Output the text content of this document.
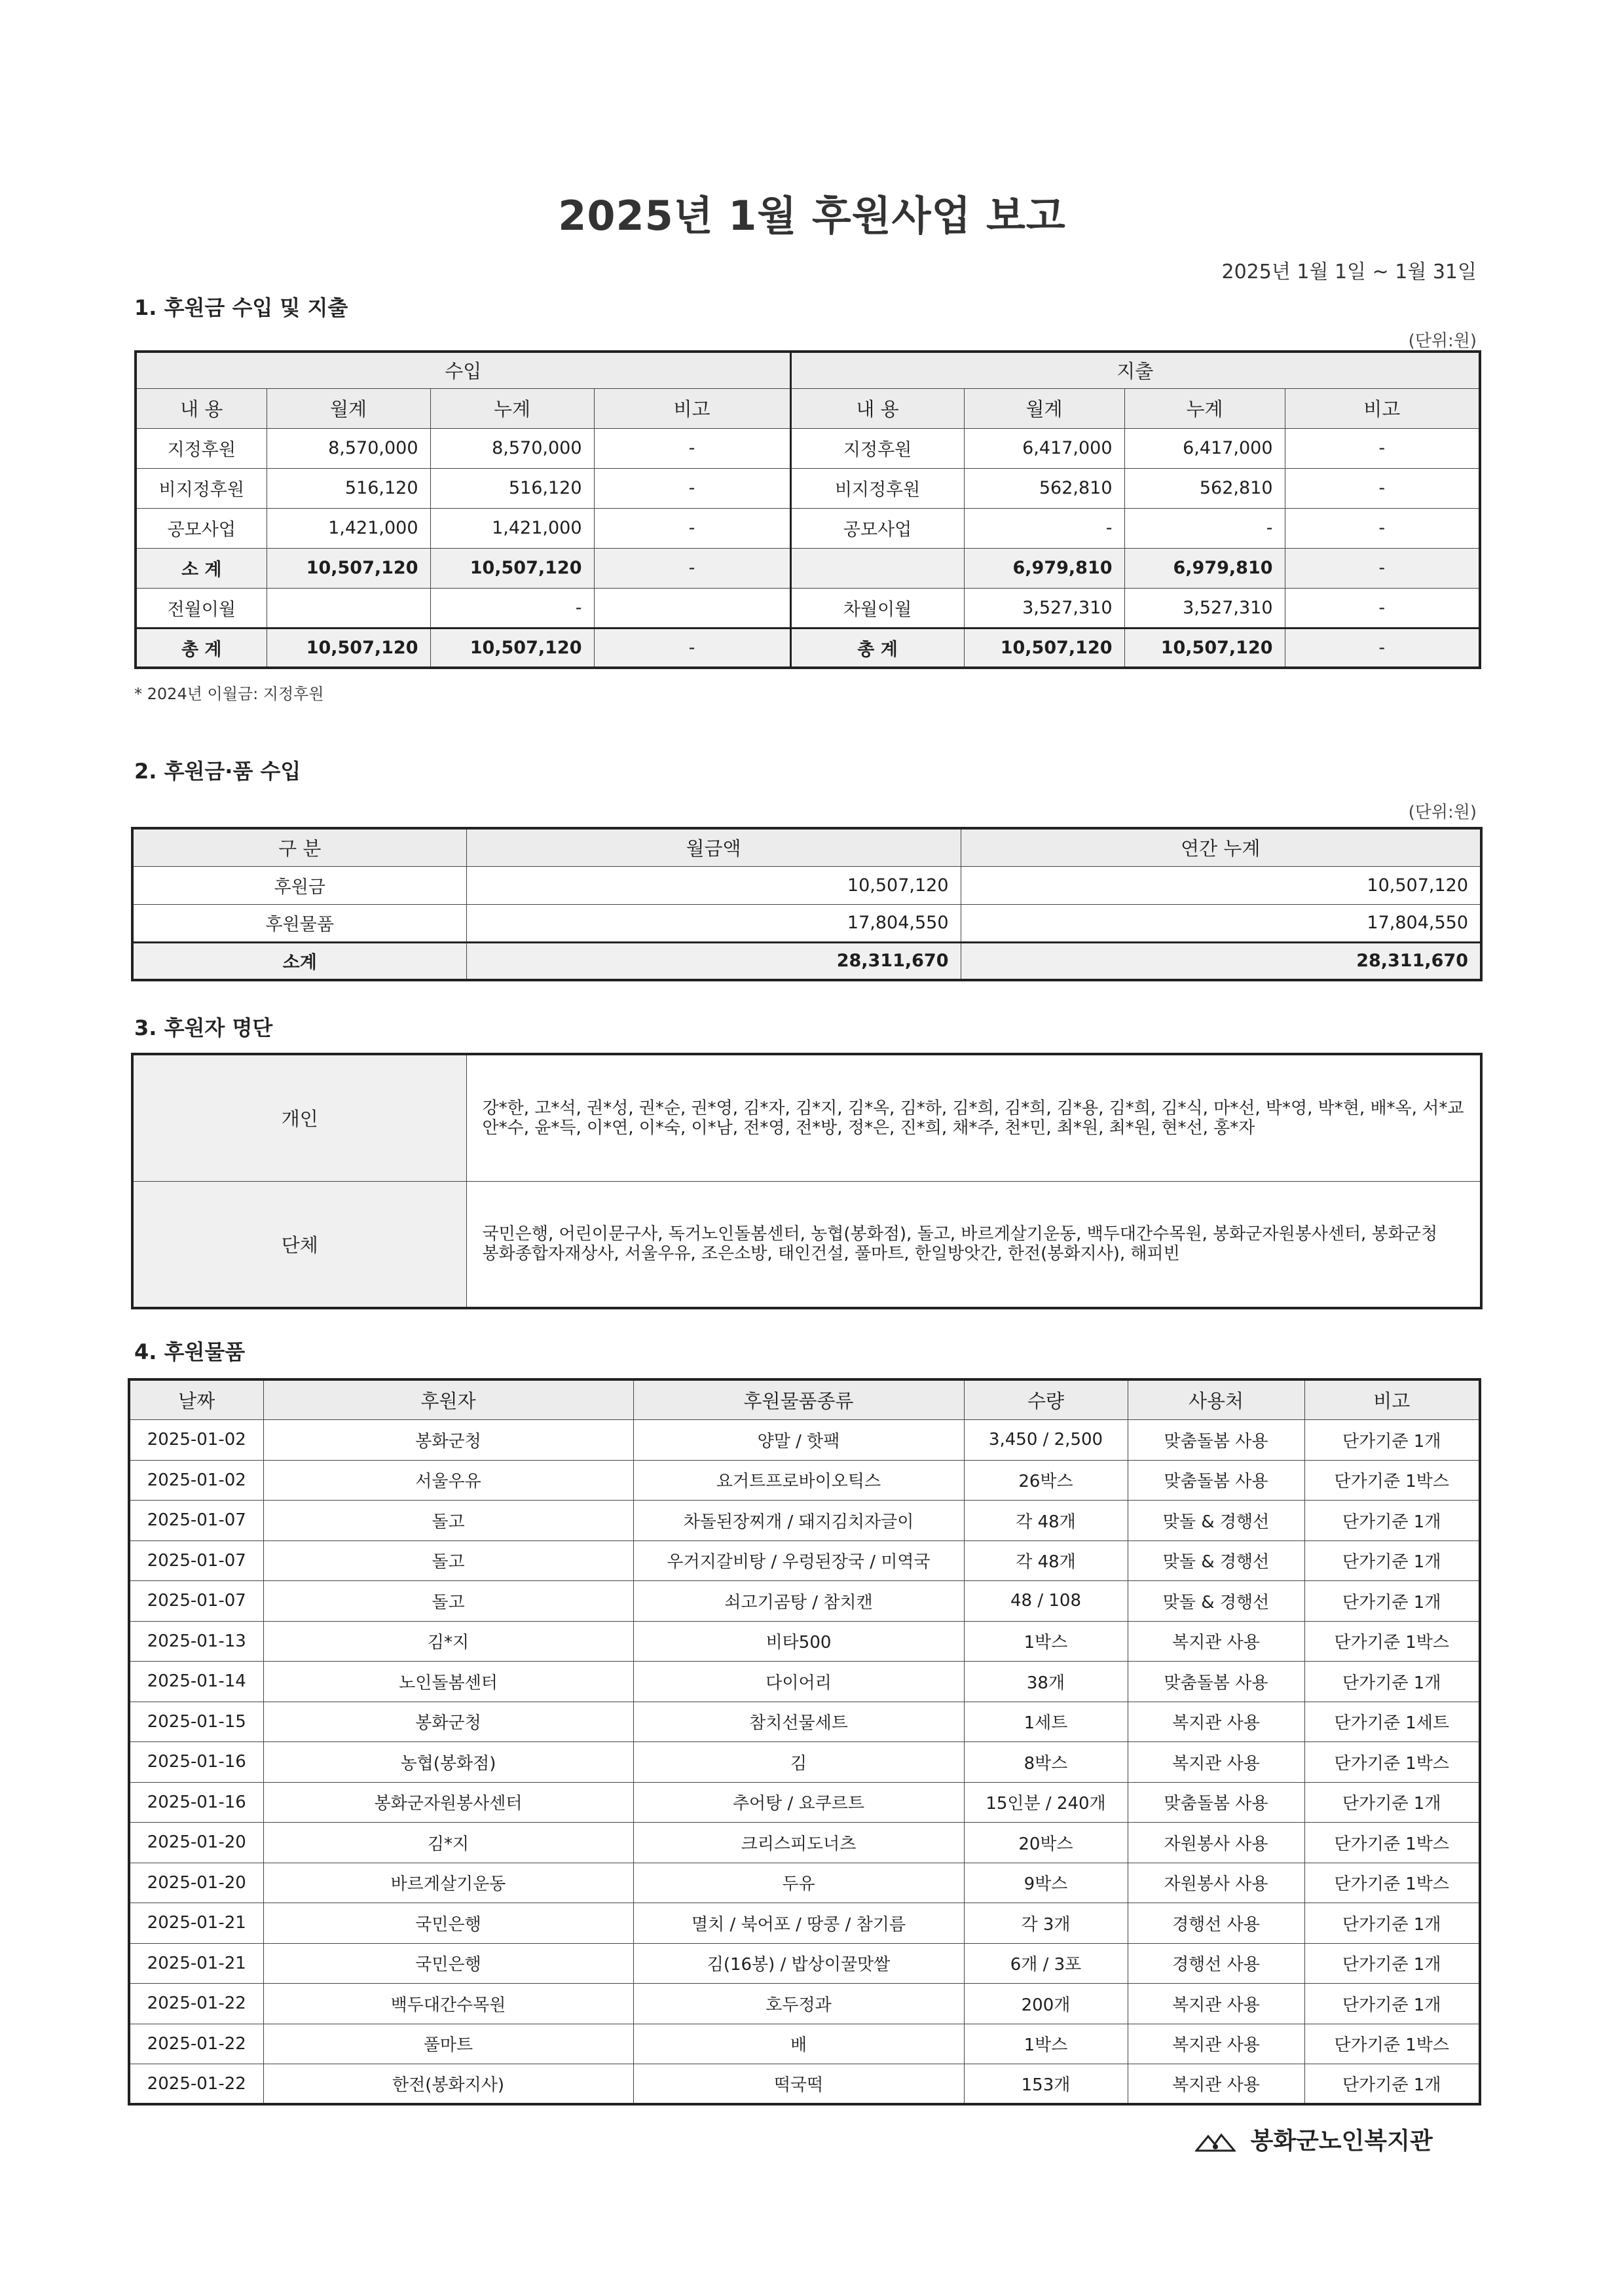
2025년 1월 후원사업 보고
2025년 1월 1일 ~ 1월 31일
1. 후원금 수입 및 지출
(단위:원)
수입				지출			
내 용	월계	누계	비고	내 용	월계	누계	비고
지정후원	8,570,000	8,570,000	-	지정후원	6,417,000	6,417,000	-
비지정후원	516,120	516,120	-	비지정후원	562,810	562,810	-
공모사업	1,421,000	1,421,000	-	공모사업	-	-	-
소 계	10,507,120	10,507,120	-		6,979,810	6,979,810	-
전월이월		-		차월이월	3,527,310	3,527,310	-
총 계	10,507,120	10,507,120	-	총 계	10,507,120	10,507,120	-
* 2024년 이월금: 지정후원
2. 후원금·품 수입
(단위:원)
구 분	월금액	연간 누계
후원금	10,507,120	10,507,120
후원물품	17,804,550	17,804,550
소계	28,311,670	28,311,670
3. 후원자 명단
개인	강*한, 고*석, 권*성, 권*순, 권*영, 김*자, 김*지, 김*옥, 김*하, 김*희, 김*희, 김*용, 김*희, 김*식, 마*선, 박*영, 박*현, 배*옥, 서*교
안*수, 윤*득, 이*연, 이*숙, 이*남, 전*영, 전*방, 정*은, 진*희, 채*주, 천*민, 최*원, 최*원, 현*선, 홍*자

단체	국민은행, 어린이문구사, 독거노인돌봄센터, 농협(봉화점), 돌고, 바르게살기운동, 백두대간수목원, 봉화군자원봉사센터, 봉화군청
봉화종합자재상사, 서울우유, 조은소방, 태인건설, 풀마트, 한일방앗간, 한전(봉화지사), 해피빈
4. 후원물품
날짜	후원자	후원물품종류	수량	사용처	비고
2025-01-02	봉화군청	양말 / 핫팩	3,450 / 2,500	맞춤돌봄 사용	단가기준 1개
2025-01-02	서울우유	요거트프로바이오틱스	26박스	맞춤돌봄 사용	단가기준 1박스
2025-01-07	돌고	차돌된장찌개 / 돼지김치자글이	각 48개	맞돌 & 경행선	단가기준 1개
2025-01-07	돌고	우거지갈비탕 / 우렁된장국 / 미역국	각 48개	맞돌 & 경행선	단가기준 1개
2025-01-07	돌고	쇠고기곰탕 / 참치캔	48 / 108	맞돌 & 경행선	단가기준 1개
2025-01-13	김*지	비타500	1박스	복지관 사용	단가기준 1박스
2025-01-14	노인돌봄센터	다이어리	38개	맞춤돌봄 사용	단가기준 1개
2025-01-15	봉화군청	참치선물세트	1세트	복지관 사용	단가기준 1세트
2025-01-16	농협(봉화점)	김	8박스	복지관 사용	단가기준 1박스
2025-01-16	봉화군자원봉사센터	추어탕 / 요쿠르트	15인분 / 240개	맞춤돌봄 사용	단가기준 1개
2025-01-20	김*지	크리스피도너츠	20박스	자원봉사 사용	단가기준 1박스
2025-01-20	바르게살기운동	두유	9박스	자원봉사 사용	단가기준 1박스
2025-01-21	국민은행	멸치 / 북어포 / 땅콩 / 참기름	각 3개	경행선 사용	단가기준 1개
2025-01-21	국민은행	김(16봉) / 밥상이꿀맛쌀	6개 / 3포	경행선 사용	단가기준 1개
2025-01-22	백두대간수목원	호두정과	200개	복지관 사용	단가기준 1개
2025-01-22	풀마트	배	1박스	복지관 사용	단가기준 1박스
2025-01-22	한전(봉화지사)	떡국떡	153개	복지관 사용	단가기준 1개
봉화군노인복지관
